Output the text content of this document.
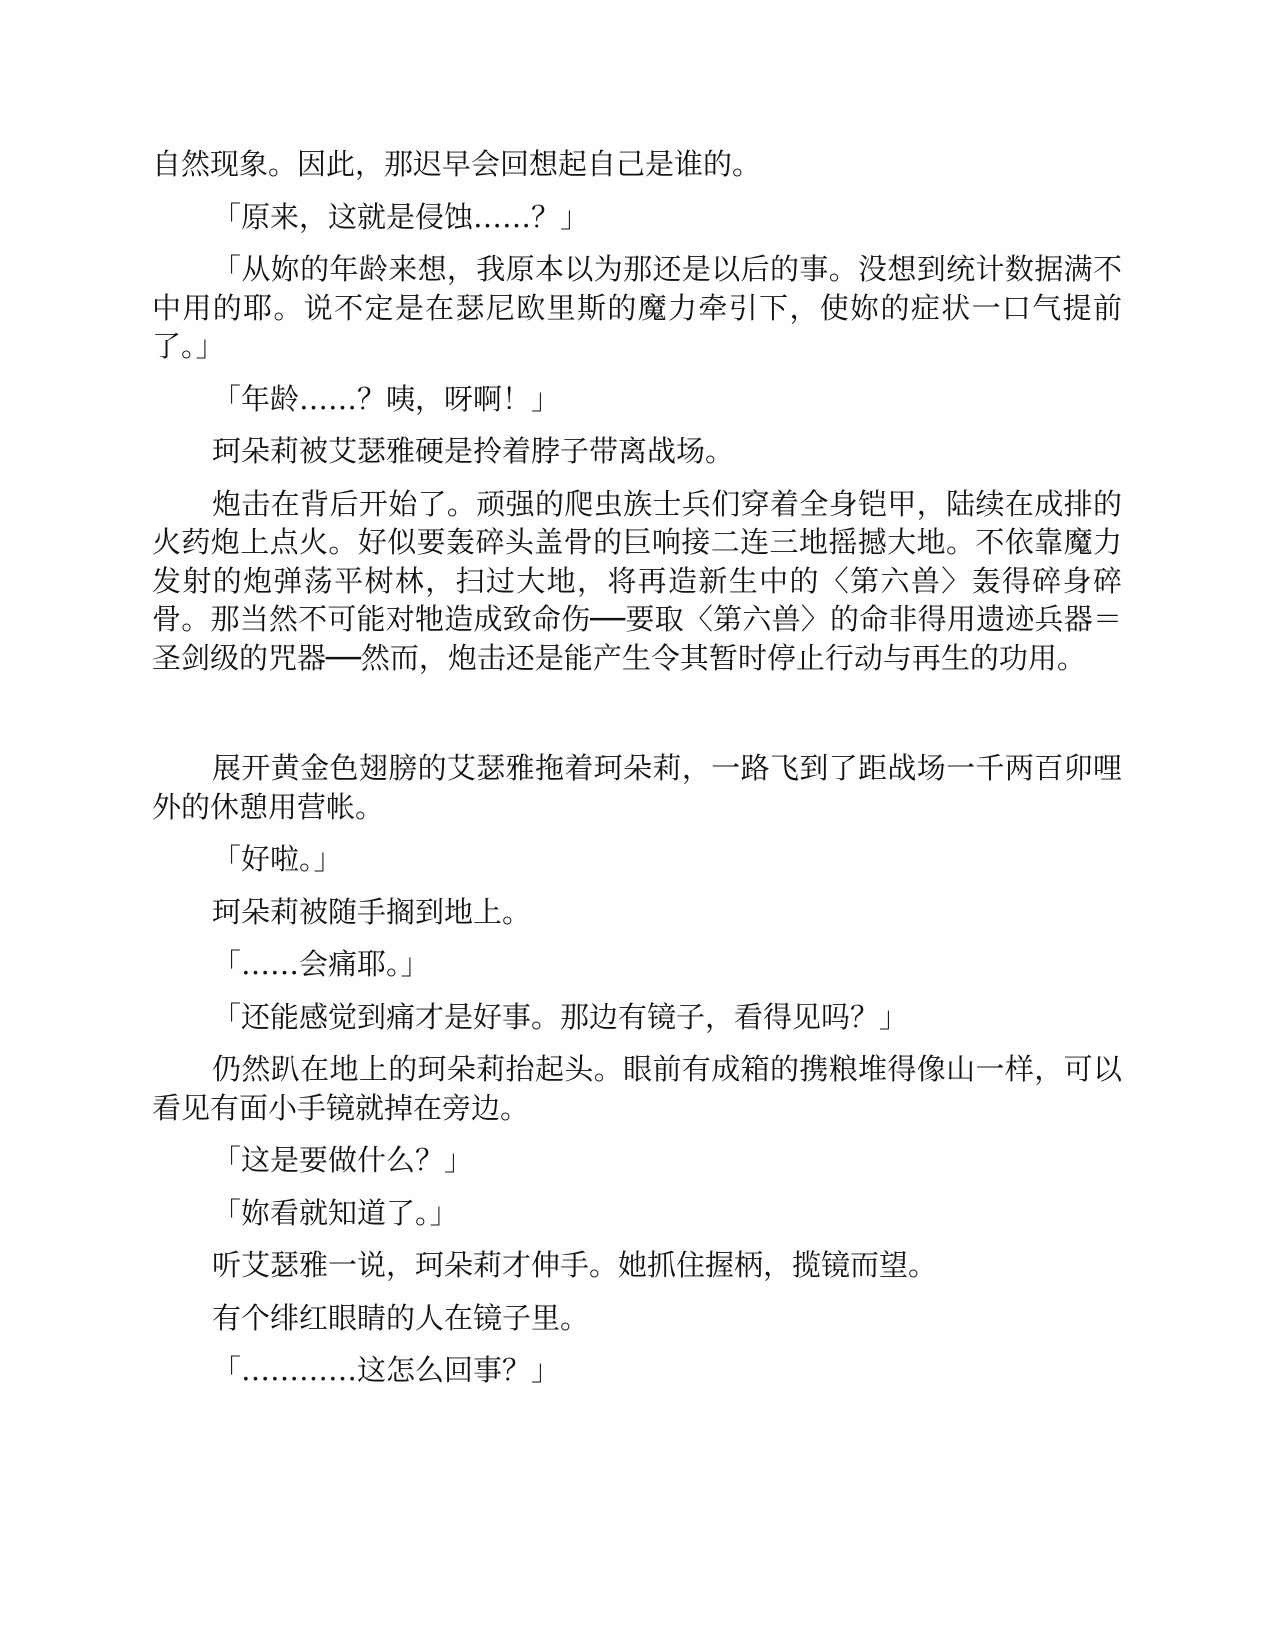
自然现象。因此，那迟早会回想起自己是谁的。

「原来，这就是侵蚀……？」

「从妳的年龄来想，我原本以为那还是以后的事。没想到统计数据满不中用的耶。说不定是在瑟尼欧里斯的魔力牵引下，使妳的症状一口气提前了。」

「年龄……？咦，呀啊！」

珂朵莉被艾瑟雅硬是拎着脖子带离战场。

炮击在背后开始了。顽强的爬虫族士兵们穿着全身铠甲，陆续在成排的火药炮上点火。好似要轰碎头盖骨的巨响接二连三地摇撼大地。不依靠魔力发射的炮弹荡平树林，扫过大地，将再造新生中的〈第六兽〉轰得碎身碎骨。那当然不可能对牠造成致命伤──要取〈第六兽〉的命非得用遗迹兵器＝圣剑级的咒器──然而，炮击还是能产生令其暂时停止行动与再生的功用。

展开黄金色翅膀的艾瑟雅拖着珂朵莉，一路飞到了距战场一千两百卯哩外的休憩用营帐。

「好啦。」

珂朵莉被随手搁到地上。

「……会痛耶。」

「还能感觉到痛才是好事。那边有镜子，看得见吗？」

仍然趴在地上的珂朵莉抬起头。眼前有成箱的携粮堆得像山一样，可以看见有面小手镜就掉在旁边。

「这是要做什么？」

「妳看就知道了。」

听艾瑟雅一说，珂朵莉才伸手。她抓住握柄，揽镜而望。

有个绯红眼睛的人在镜子里。

「…………这怎么回事？」
